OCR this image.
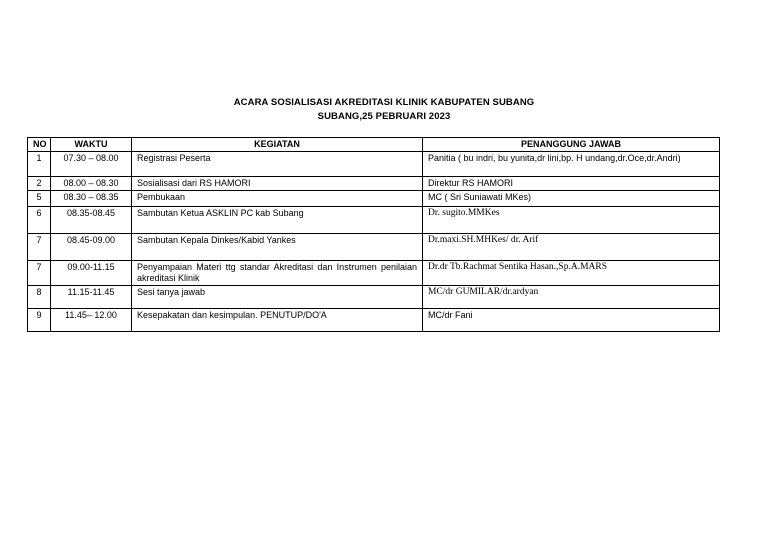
ACARA SOSIALISASI AKREDITASI KLINIK KABUPATEN SUBANG
SUBANG,25 PEBRUARI 2023
NO	WAKTU	KEGIATAN	PENANGGUNG JAWAB
1	07.30 – 08.00	Registrasi Peserta	Panitia ( bu indri, bu yunita,dr lini,bp. H undang,dr.Oce,dr.Andri)
2	08.00 – 08.30	Sosialisasi dari RS HAMORI	Direktur RS HAMORI
5	08.30 – 08.35	Pembukaan	MC ( Sri Suniawati MKes)
6	08.35-08.45	Sambutan Ketua ASKLIN PC kab Subang	Dr. sugito.MMKes
7	08.45-09.00	Sambutan Kepala Dinkes/Kabid Yankes	Dr.maxi.SH.MHKes/ dr. Arif
7	09.00-11.15	Penyampaian Materi ttg standar Akreditasi dan Instrumen penilaian akreditasi Klinik	Dr.dr Tb.Rachmat Sentika Hasan.,Sp.A.MARS
8	11.15-11.45	Sesi tanya jawab	MC/dr GUMILAR/dr.ardyan
9	11.45– 12.00	Kesepakatan dan kesimpulan. PENUTUP/DO'A	MC/dr Fani
